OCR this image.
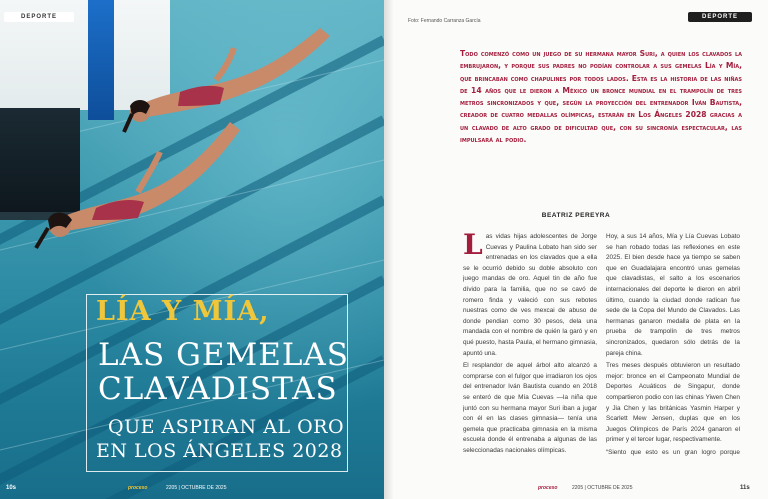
DEPORTE
LÍA Y MÍA,
LAS GEMELAS
CLAVADISTAS
QUE ASPIRAN AL ORO
EN LOS ÁNGELES 2028
10s	proceso	2205 | OCTUBRE DE 2025
Foto: Fernando Carranza García
DEPORTE
Todo comenzó como un juego de su hermana mayor Suri, a quien los clavados la embrujaron, y porque sus padres no podían controlar a sus gemelas Lía y Mía, que brincaban como chapulines por todos lados. Esta es la historia de las niñas de 14 años que le dieron a México un bronce mundial en el trampolín de tres metros sincronizados y que, según la proyección del entrenador Iván Bautista, creador de cuatro medallas olímpicas, estarán en Los Ángeles 2028 gracias a un clavado de alto grado de dificultad que, con su sincronía espectacular, las impulsará al podio.
BEATRIZ PEREYRA
L as vidas hijas adolescentes de Jorge Cuevas y Paulina Lobato han sido ser entrenadas en los clavados que a ella se le ocurrió debido su doble absoluto con juego mandas de oro. Aquel tin de año fue dívido para la familia, que no se cavó de romero finda y valeció con sus rebotes nuestras como de ves mexcai de abuso de donde pendian como 30 pesos, dela una mandada con el nombre de quién la garó y en qué puesto, hasta Paula, el hermano gimnasia, apuntó una.

El resplandor de aquel árbol alto alcanzó a comprarse con el fulgor que irradiaron los ojos del entrenador Iván Bautista cuando en 2018 se enteró de que Mía Cuevas —la niña que juntó con su hermana mayor Suri iban a jugar con él en las clases gimnasia— tenía una gemela que practicaba gimnasia en la misma escuela donde él entrenaba a algunas de las seleccionadas nacionales olímpicas.

Hoy, a sus 14 años, Mía y Lía Cuevas Lobato se han robado todas las reflexiones en este 2025. El bien desde hace ya tiempo se saben que en Guadalajara encontró unas gemelas que clavadistas, el salto a los escenarios internacionales del deporte le dieron en abril último, cuando la ciudad donde radican fue sede de la Copa del Mundo de Clavados. Las hermanas ganaron medalla de plata en la prueba de trampolín de tres metros sincronizados, quedaron sólo detrás de la pareja china.

Tres meses después obtuvieron un resultado mejor: bronce en el Campeonato Mundial de Deportes Acuáticos de Singapur, donde compartieron podio con las chinas Yiwen Chen y Jia Chen y las británicas Yasmin Harper y Scarlett Mew Jensen, duplas que en los Juegos Olímpicos de París 2024 ganaron el primer y el tercer lugar, respectivamente.

“Siento que esto es un gran logro porque

proceso	2205 | OCTUBRE DE 2025	11s
